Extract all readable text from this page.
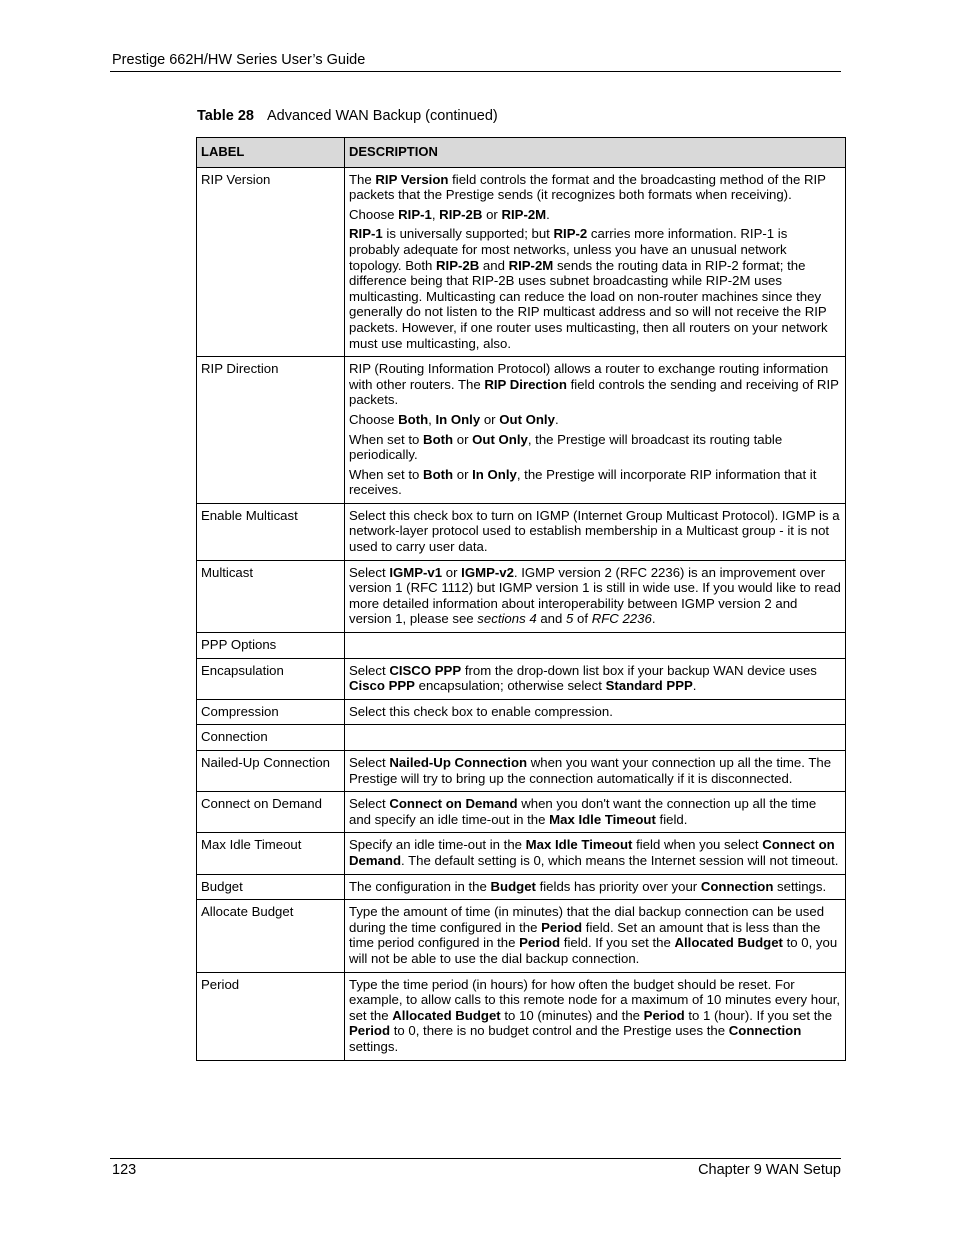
Prestige 662H/HW Series User’s Guide
Table 28 Advanced WAN Backup (continued)
LABEL	DESCRIPTION
RIP Version	The RIP Version field controls the format and the broadcasting method of the RIP packets that the Prestige sends (it recognizes both formats when receiving).

Choose RIP-1, RIP-2B or RIP-2M.

RIP-1 is universally supported; but RIP-2 carries more information. RIP-1 is probably adequate for most networks, unless you have an unusual network topology. Both RIP-2B and RIP-2M sends the routing data in RIP-2 format; the difference being that RIP-2B uses subnet broadcasting while RIP-2M uses multicasting. Multicasting can reduce the load on non-router machines since they generally do not listen to the RIP multicast address and so will not receive the RIP packets. However, if one router uses multicasting, then all routers on your network must use multicasting, also.

RIP Direction	RIP (Routing Information Protocol) allows a router to exchange routing information with other routers. The RIP Direction field controls the sending and receiving of RIP packets.

Choose Both, In Only or Out Only.

When set to Both or Out Only, the Prestige will broadcast its routing table periodically.

When set to Both or In Only, the Prestige will incorporate RIP information that it receives.

Enable Multicast	Select this check box to turn on IGMP (Internet Group Multicast Protocol). IGMP is a network-layer protocol used to establish membership in a Multicast group - it is not used to carry user data.

Multicast	Select IGMP-v1 or IGMP-v2. IGMP version 2 (RFC 2236) is an improvement over version 1 (RFC 1112) but IGMP version 1 is still in wide use. If you would like to read more detailed information about interoperability between IGMP version 2 and version 1, please see sections 4 and 5 of RFC 2236.

PPP Options	
Encapsulation	Select CISCO PPP from the drop-down list box if your backup WAN device uses Cisco PPP encapsulation; otherwise select Standard PPP.

Compression	Select this check box to enable compression.

Connection	
Nailed-Up Connection	Select Nailed-Up Connection when you want your connection up all the time. The Prestige will try to bring up the connection automatically if it is disconnected.

Connect on Demand	Select Connect on Demand when you don't want the connection up all the time and specify an idle time-out in the Max Idle Timeout field.

Max Idle Timeout	Specify an idle time-out in the Max Idle Timeout field when you select Connect on Demand. The default setting is 0, which means the Internet session will not timeout.

Budget	The configuration in the Budget fields has priority over your Connection settings.

Allocate Budget	Type the amount of time (in minutes) that the dial backup connection can be used during the time configured in the Period field. Set an amount that is less than the time period configured in the Period field. If you set the Allocated Budget to 0, you will not be able to use the dial backup connection.

Period	Type the time period (in hours) for how often the budget should be reset. For example, to allow calls to this remote node for a maximum of 10 minutes every hour, set the Allocated Budget to 10 (minutes) and the Period to 1 (hour). If you set the Period to 0, there is no budget control and the Prestige uses the Connection settings.

123	Chapter 9 WAN Setup
